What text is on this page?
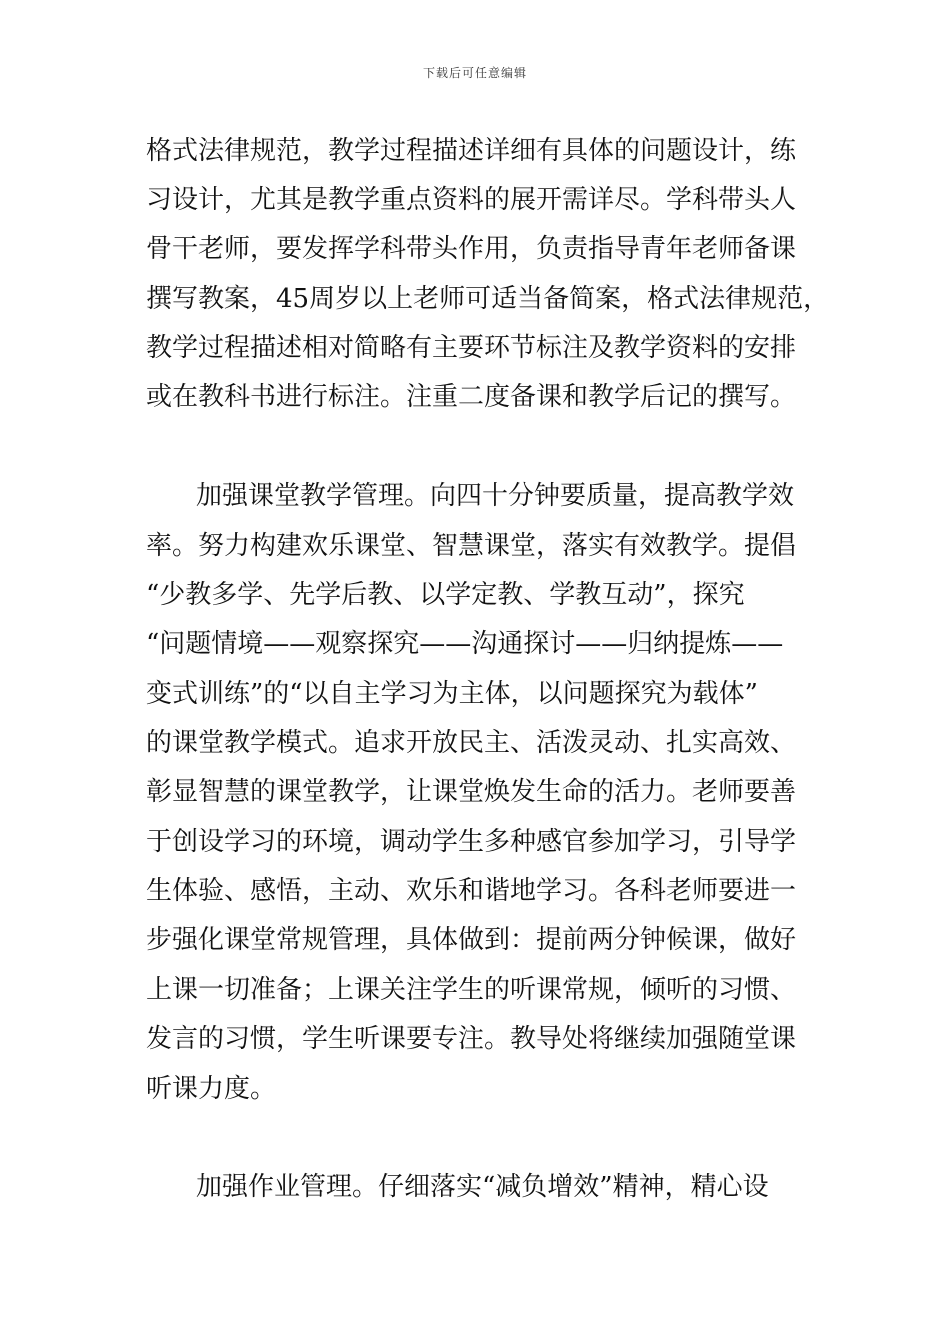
下载后可任意编辑
格式法律规范，教学过程描述详细有具体的问题设计，练
习设计，尤其是教学重点资料的展开需详尽。学科带头人
骨干老师，要发挥学科带头作用，负责指导青年老师备课
撰写教案，45周岁以上老师可适当备简案，格式法律规范，
教学过程描述相对简略有主要环节标注及教学资料的安排
或在教科书进行标注。注重二度备课和教学后记的撰写。
加强课堂教学管理。向四十分钟要质量，提高教学效
率。努力构建欢乐课堂、智慧课堂，落实有效教学。提倡
“少教多学、先学后教、以学定教、学教互动”，探究
“问题情境——观察探究——沟通探讨——归纳提炼——
变式训练”的“以自主学习为主体，以问题探究为载体”
的课堂教学模式。追求开放民主、活泼灵动、扎实高效、
彰显智慧的课堂教学，让课堂焕发生命的活力。老师要善
于创设学习的环境，调动学生多种感官参加学习，引导学
生体验、感悟，主动、欢乐和谐地学习。各科老师要进一
步强化课堂常规管理，具体做到：提前两分钟候课，做好
上课一切准备；上课关注学生的听课常规，倾听的习惯、
发言的习惯，学生听课要专注。教导处将继续加强随堂课
听课力度。
加强作业管理。仔细落实“减负增效”精神，精心设
